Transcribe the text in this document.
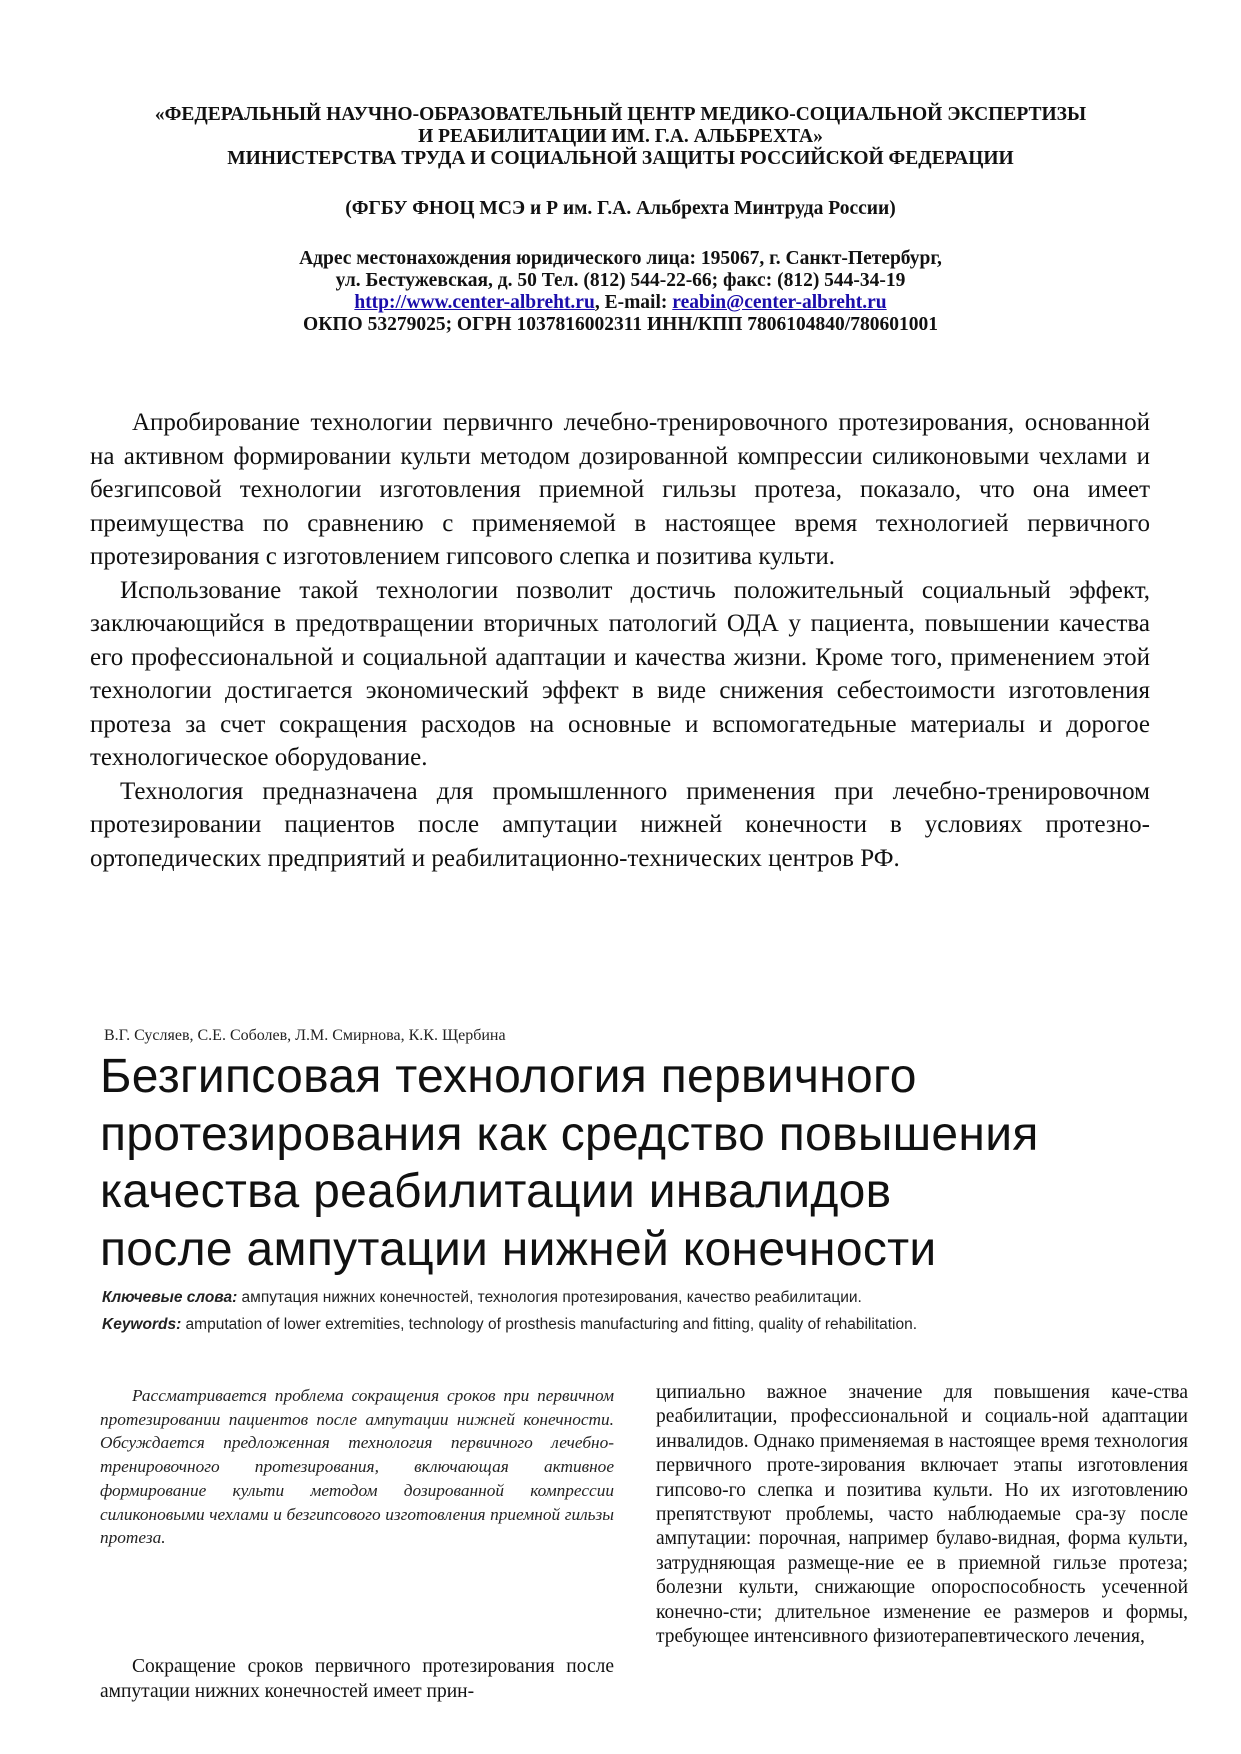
«ФЕДЕРАЛЬНЫЙ НАУЧНО-ОБРАЗОВАТЕЛЬНЫЙ ЦЕНТР МЕДИКО-СОЦИАЛЬНОЙ ЭКСПЕРТИЗЫ
И РЕАБИЛИТАЦИИ ИМ. Г.А. АЛЬБРЕХТА»
МИНИСТЕРСТВА ТРУДА И СОЦИАЛЬНОЙ ЗАЩИТЫ РОССИЙСКОЙ ФЕДЕРАЦИИ
(ФГБУ ФНОЦ МСЭ и Р им. Г.А. Альбрехта Минтруда России)
Адрес местонахождения юридического лица: 195067, г. Санкт-Петербург,
ул. Бестужевская, д. 50 Тел. (812) 544-22-66; факс: (812) 544-34-19
http://www.center-albreht.ru, E-mail: reabin@center-albreht.ru
ОКПО 53279025; ОГРН 1037816002311 ИНН/КПП 7806104840/780601001

Апробирование технологии первичнго лечебно-тренировочного протезирования, основанной на активном формировании культи методом дозированной компрессии силиконовыми чехлами и безгипсовой технологии изготовления приемной гильзы протеза, показало, что она имеет преимущества по сравнению с применяемой в настоящее время технологией первичного протезирования с изготовлением гипсового слепка и позитива культи.

Использование такой технологии позволит достичь положительный социальный эффект, заключающийся в предотвращении вторичных патологий ОДА у пациента, повышении качества его профессиональной и социальной адаптации и качества жизни. Кроме того, применением этой технологии достигается экономический эффект в виде снижения себестоимости изготовления протеза за счет сокращения расходов на основные и вспомогатедьные материалы и дорогое технологическое оборудование.

Технология предназначена для промышленного применения при лечебно-тренировочном протезировании пациентов после ампутации нижней конечности в условиях протезно-ортопедических предприятий и реабилитационно-технических центров РФ.

В.Г. Сусляев, С.Е. Соболев, Л.М. Смирнова, К.К. Щербина
Безгипсовая технология первичного
протезирования как средство повышения
качества реабилитации инвалидов
после ампутации нижней конечности
Ключевые слова: ампутация нижних конечностей, технология протезирования, качество реабилитации.
Keywords: amputation of lower extremities, technology of prosthesis manufacturing and fitting, quality of rehabilitation.

Рассматривается проблема сокращения сроков при первичном протезировании пациентов после ампутации нижней конечности. Обсуждается предложенная технология первичного лечебно-тренировочного протезирования, включающая активное формирование культи методом дозированной компрессии силиконовыми чехлами и безгипсового изготовления приемной гильзы протеза.

Сокращение сроков первичного протезирования после ампутации нижних конечностей имеет прин-

ципиально важное значение для повышения каче-ства реабилитации, профессиональной и социаль-ной адаптации инвалидов. Однако применяемая в настоящее время технология первичного проте-зирования включает этапы изготовления гипсово-го слепка и позитива культи. Но их изготовлению препятствуют проблемы, часто наблюдаемые сра-зу после ампутации: порочная, например булаво-видная, форма культи, затрудняющая размеще-ние ее в приемной гильзе протеза; болезни культи, снижающие опороспособность усеченной конечно-сти; длительное изменение ее размеров и формы, требующее интенсивного физиотерапевтического лечения,
